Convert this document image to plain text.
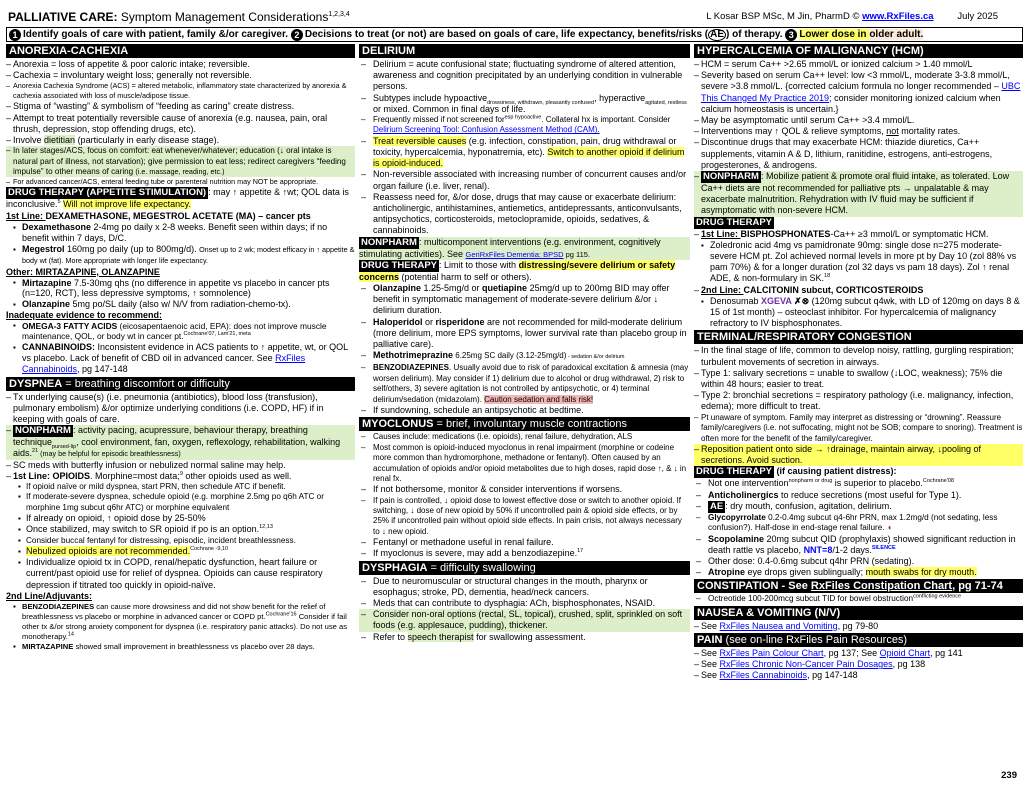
PALLIATIVE CARE: Symptom Management Considerations$^{1,2,3,4}$	L Kosar BSP MSc, M Jin, PharmD © www.RxFiles.ca	July 2025
1 Identify goals of care with patient, family &/or caregiver. 2 Decisions to treat (or not) are based on goals of care, life expectancy, benefits/risks ( AE ) of therapy. 3 Lower dose in older adult.
ANOREXIA-CACHEXIA
– Anorexia = loss of appetite & poor caloric intake; reversible.
– Cachexia = involuntary weight loss; generally not reversible.
– Anorexia Cachexia Syndrome (ACS) = altered metabolic, inflammatory state characterized by anorexia & cachexia associated with loss of muscle/adipose tissue.
– Stigma of “wasting” & symbolism of “feeding as caring” create distress.
– Attempt to treat potentially reversible cause of anorexia (e.g. nausea, pain, oral thrush, depression, stop offending drugs, etc).
– Involve dietitian (particularly in early disease stage).
– In later stages/ACS, focus on comfort: eat whenever/whatever; education (↓ oral intake is natural part of illness, not starvation); give permission to eat less; redirect caregivers “feeding impulse” to other means of caring (i.e. massage, reading, etc.)
– For advanced cancer/ACS, enteral feeding tube or parenteral nutrition may NOT be appropriate.
DRUG THERAPY (APPETITE STIMULATION) : may ↑ appetite & ↑wt; QOL data is inconclusive.$^5$ Will not improve life expectancy.
1st Line: DEXAMETHASONE, MEGESTROL ACETATE (MA) – cancer pts
▪ Dexamethasone 2-4mg po daily x 2-8 weeks. Benefit seen within days; if no benefit within 7 days, D/C.
▪ Megestrol 160mg po daily (up to 800mg/d). Onset up to 2 wk; modest efficacy in ↑ appetite & body wt (fat). More appropriate with longer life expectancy.
Other: MIRTAZAPINE, OLANZAPINE
▪ Mirtazapine 7.5-30mg qhs (no difference in appetite vs placebo in cancer pts (n=120, RCT), less depressive symptoms, ↑ somnolence)
▪ Olanzapine 5mg po/SL daily (also w/ N/V from radiation-chemo-tx).
Inadequate evidence to recommend:
▪ OMEGA-3 FATTY ACIDS (eicosapentaenoic acid, EPA): does not improve muscle maintenance, QOL, or body wt in cancer pt.$^{Cochrane'07, Lam'21, meta}$
▪ CANNABINOIDS: Inconsistent evidence in ACS patients to ↑ appetite, wt, or QOL vs placebo. Lack of benefit of CBD oil in advanced cancer. See RxFiles Cannabinoids, pg 147-148
DYSPNEA = breathing discomfort or difficulty
– Tx underlying cause(s) (i.e. pneumonia (antibiotics), blood loss (transfusion), pulmonary embolism) &/or optimize underlying conditions (i.e. COPD, HF) if in keeping with goals of care.
– NONPHARM : activity pacing, acupressure, behaviour therapy, breathing technique$_{pursed-lip}$, cool environment, fan, oxygen, reflexology, rehabilitation, walking aids.$^{21}$ (may be helpful for episodic breathlessness)
– SC meds with butterfly infusion or nebulized normal saline may help.
– 1st Line: OPIOIDS. Morphine=most data;$^9$ other opioids used as well.
▪ If opioid naïve or mild dyspnea, start PRN, then schedule ATC if benefit.
▪ If moderate-severe dyspnea, schedule opioid (e.g. morphine 2.5mg po q6h ATC or morphine 1mg subcut q6hr ATC) or morphine equivalent
▪ If already on opioid, ↑ opioid dose by 25-50%
▪ Once stabilized, may switch to SR opioid if po is an option.$^{12,13}$
▪ Consider buccal fentanyl for distressing, episodic, incident breathlessness.
▪ Nebulized opioids are not recommended.$^{Cochrane -9,10}$
▪ Individualize opioid tx in COPD, renal/hepatic dysfunction, heart failure or current/past opioid use for relief of dyspnea. Opioids can cause respiratory depression if titrated too quickly in opioid-naïve.
2nd Line/Adjuvants:
▪ BENZODIAZEPINES can cause more drowsiness and did not show benefit for the relief of breathlessness vs placebo or morphine in advanced cancer or COPD pt.$^{Cochrane'16}$ Consider if fail other tx &/or strong anxiety component for dyspnea (i.e. respiratory panic attacks). Do not use as monotherapy.$^{14}$
▪ MIRTAZAPINE showed small improvement in breathlessness vs placebo over 28 days.
DELIRIUM
– Delirium = acute confusional state; fluctuating syndrome of altered attention, awareness and cognition precipitated by an underlying condition in vulnerable persons.
– Subtypes include hypoactive$_{drowsiness, withdrawn, pleasantly confused}$, hyperactive$_{agitated, restless}$ or mixed. Common in final days of life.
– Frequently missed if not screened for$^{esp hypoactive}$. Collateral hx is important. Consider Delirium Screening Tool: Confusion Assessment Method (CAM).
– Treat reversible causes (e.g. infection, constipation, pain, drug withdrawal or toxicity, hypercalcemia, hyponatremia, etc). Switch to another opioid if delirium is opioid-induced.
– Non-reversible associated with increasing number of concurrent causes and/or organ failure (i.e. liver, renal).
– Reassess need for, &/or dose, drugs that may cause or exacerbate delirium: anticholinergic, antihistamines, antiemetics, antidepressants, anticonvulsants, antipsychotics, corticosteroids, metoclopramide, opioids, sedatives, & cannabinoids.
NONPHARM : multicomponent interventions (e.g. environment, cognitively stimulating activities). See GeriRxFiles Dementia: BPSD pg 115.
DRUG THERAPY : Limit to those with distressing/severe delirium or safety concerns (potential harm to self or others).
– Olanzapine 1.25-5mg/d or quetiapine 25mg/d up to 200mg BID may offer benefit in symptomatic management of moderate-severe delirium &/or ↓ delirium duration.
– Haloperidol or risperidone are not recommended for mild-moderate delirium (more delirium, more EPS symptoms, lower survival rate than placebo group in palliative care).
– Methotrimeprazine 6.25mg SC daily (3.12-25mg/d) - sedation &/or delirium
– BENZODIAZEPINES. Usually avoid due to risk of paradoxical excitation & amnesia (may worsen delirium). May consider if 1) delirium due to alcohol or drug withdrawal, 2) risk to self/others, 3) severe agitation is not controlled by antipsychotic, or 4) terminal delirium/sedation (midazolam). Caution sedation and falls risk!
– If sundowning, schedule an antipsychotic at bedtime.
MYOCLONUS = brief, involuntary muscle contractions
– Causes include: medications (i.e. opioids), renal failure, dehydration, ALS
– Most common is opioid-induced myoclonus in renal impairment (morphine or codeine more common than hydromorphone, methadone or fentanyl). Often caused by an accumulation of opioids and/or opioid metabolites due to high doses, rapid dose ↑, & ↓ in renal fx.
– If not bothersome, monitor & consider interventions if worsens.
– If pain is controlled, ↓ opioid dose to lowest effective dose or switch to another opioid. If switching, ↓ dose of new opioid by 50% if uncontrolled pain & opioid side effects, or by 25% if uncontrolled pain without opioid side effects. In pain crisis, not always necessary to ↓ new opioid.
– Fentanyl or methadone useful in renal failure.
– If myoclonus is severe, may add a benzodiazepine.$^{17}$
DYSPHAGIA = difficulty swallowing
– Due to neuromuscular or structural changes in the mouth, pharynx or esophagus; stroke, PD, dementia, head/neck cancers.
– Meds that can contribute to dysphagia: ACh, bisphosphonates, NSAID.
– Consider non-oral options (rectal, SL, topical), crushed, split, sprinkled on soft foods (e.g. applesauce, pudding), thickener.
– Refer to speech therapist for swallowing assessment.
HYPERCALCEMIA OF MALIGNANCY (HCM)
– HCM = serum Ca++ >2.65 mmol/L or ionized calcium > 1.40 mmol/L
– Severity based on serum Ca++ level: low <3 mmol/L, moderate 3-3.8 mmol/L, severe >3.8 mmol/L. {corrected calcium formula no longer recommended – UBC This Changed My Practice 2019; consider monitoring ionized calcium when calcium homeostasis is uncertain.}
– May be asymptomatic until serum Ca++ >3.4 mmol/L.
– Interventions may ↑ QOL & relieve symptoms, not mortality rates.
– Discontinue drugs that may exacerbate HCM: thiazide diuretics, Ca++ supplements, vitamin A & D, lithium, ranitidine, estrogens, anti-estrogens, progesterones, & androgens.
– NONPHARM : Mobilize patient & promote oral fluid intake, as tolerated. Low Ca++ diets are not recommended for palliative pts → unpalatable & may exacerbate malnutrition. Rehydration with IV fluid may be sufficient if asymptomatic with non-severe HCM.
DRUG THERAPY
– 1st Line: BISPHOSPHONATES-Ca++ ≥3 mmol/L or symptomatic HCM.
▪ Zoledronic acid 4mg vs pamidronate 90mg: single dose n=275 moderate-severe HCM pt. Zol achieved normal levels in more pt by Day 10 (zol 88% vs pam 70%) & for a longer duration (zol 32 days vs pam 18 days). Zol ↑ renal ADE, & non-formulary in SK.$^{18}$
– 2nd Line: CALCITONIN subcut, CORTICOSTEROIDS
▪ Denosumab XGEVA ✗⊗ (120mg subcut q4wk, with LD of 120mg on days 8 & 15 of 1st month) – osteoclast inhibitor. For hypercalcemia of malignancy refractory to IV bisphosphonates.
TERMINAL/RESPIRATORY CONGESTION
– In the final stage of life, common to develop noisy, rattling, gurgling respiration; turbulent movements of secretion in airways.
– Type 1: salivary secretions = unable to swallow (↓LOC, weakness); 75% die within 48 hours; easier to treat.
– Type 2: bronchial secretions = respiratory pathology (i.e. malignancy, infection, edema); more difficult to treat.
– Pt unaware of symptom. Family may interpret as distressing or “drowning”. Reassure family/caregivers (i.e. not suffocating, might not be SOB; compare to snoring). Treatment is often more for the benefit of the family/caregiver.
– Reposition patient onto side → ↑drainage, maintain airway, ↓pooling of secretions. Avoid suction.
DRUG THERAPY (if causing patient distress):
– Not one intervention$^{nonpharm or drug}$ is superior to placebo.$^{Cochrane'08}$
– Anticholinergics to reduce secretions (most useful for Type 1).
– AE : dry mouth, confusion, agitation, delirium.
– Glycopyrrolate 0.2-0.4mg subcut q4-6hr PRN, max 1.2mg/d (not sedating, less confusion?). Half-dose in end-stage renal failure. ◖
– Scopolamine 20mg subcut QID (prophylaxis) showed significant reduction in death rattle vs placebo, NNT=8/1-2 days.$^{SILENCE}$
– Other dose: 0.4-0.6mg subcut q4hr PRN (sedating).
– Atropine eye drops given sublingually; mouth swabs for dry mouth.
CONSTIPATION - See RxFiles Constipation Chart, pg 71-74
– Octreotide 100-200mcg subcut TID for bowel obstruction$^{conflicting evidence}$
NAUSEA & VOMITING (N/V)
– See RxFiles Nausea and Vomiting, pg 79-80
PAIN (see on-line RxFiles Pain Resources)
– See RxFiles Pain Colour Chart, pg 137; See Opioid Chart, pg 141
– See RxFiles Chronic Non-Cancer Pain Dosages, pg 138
– See RxFiles Cannabinoids, pg 147-148
239
